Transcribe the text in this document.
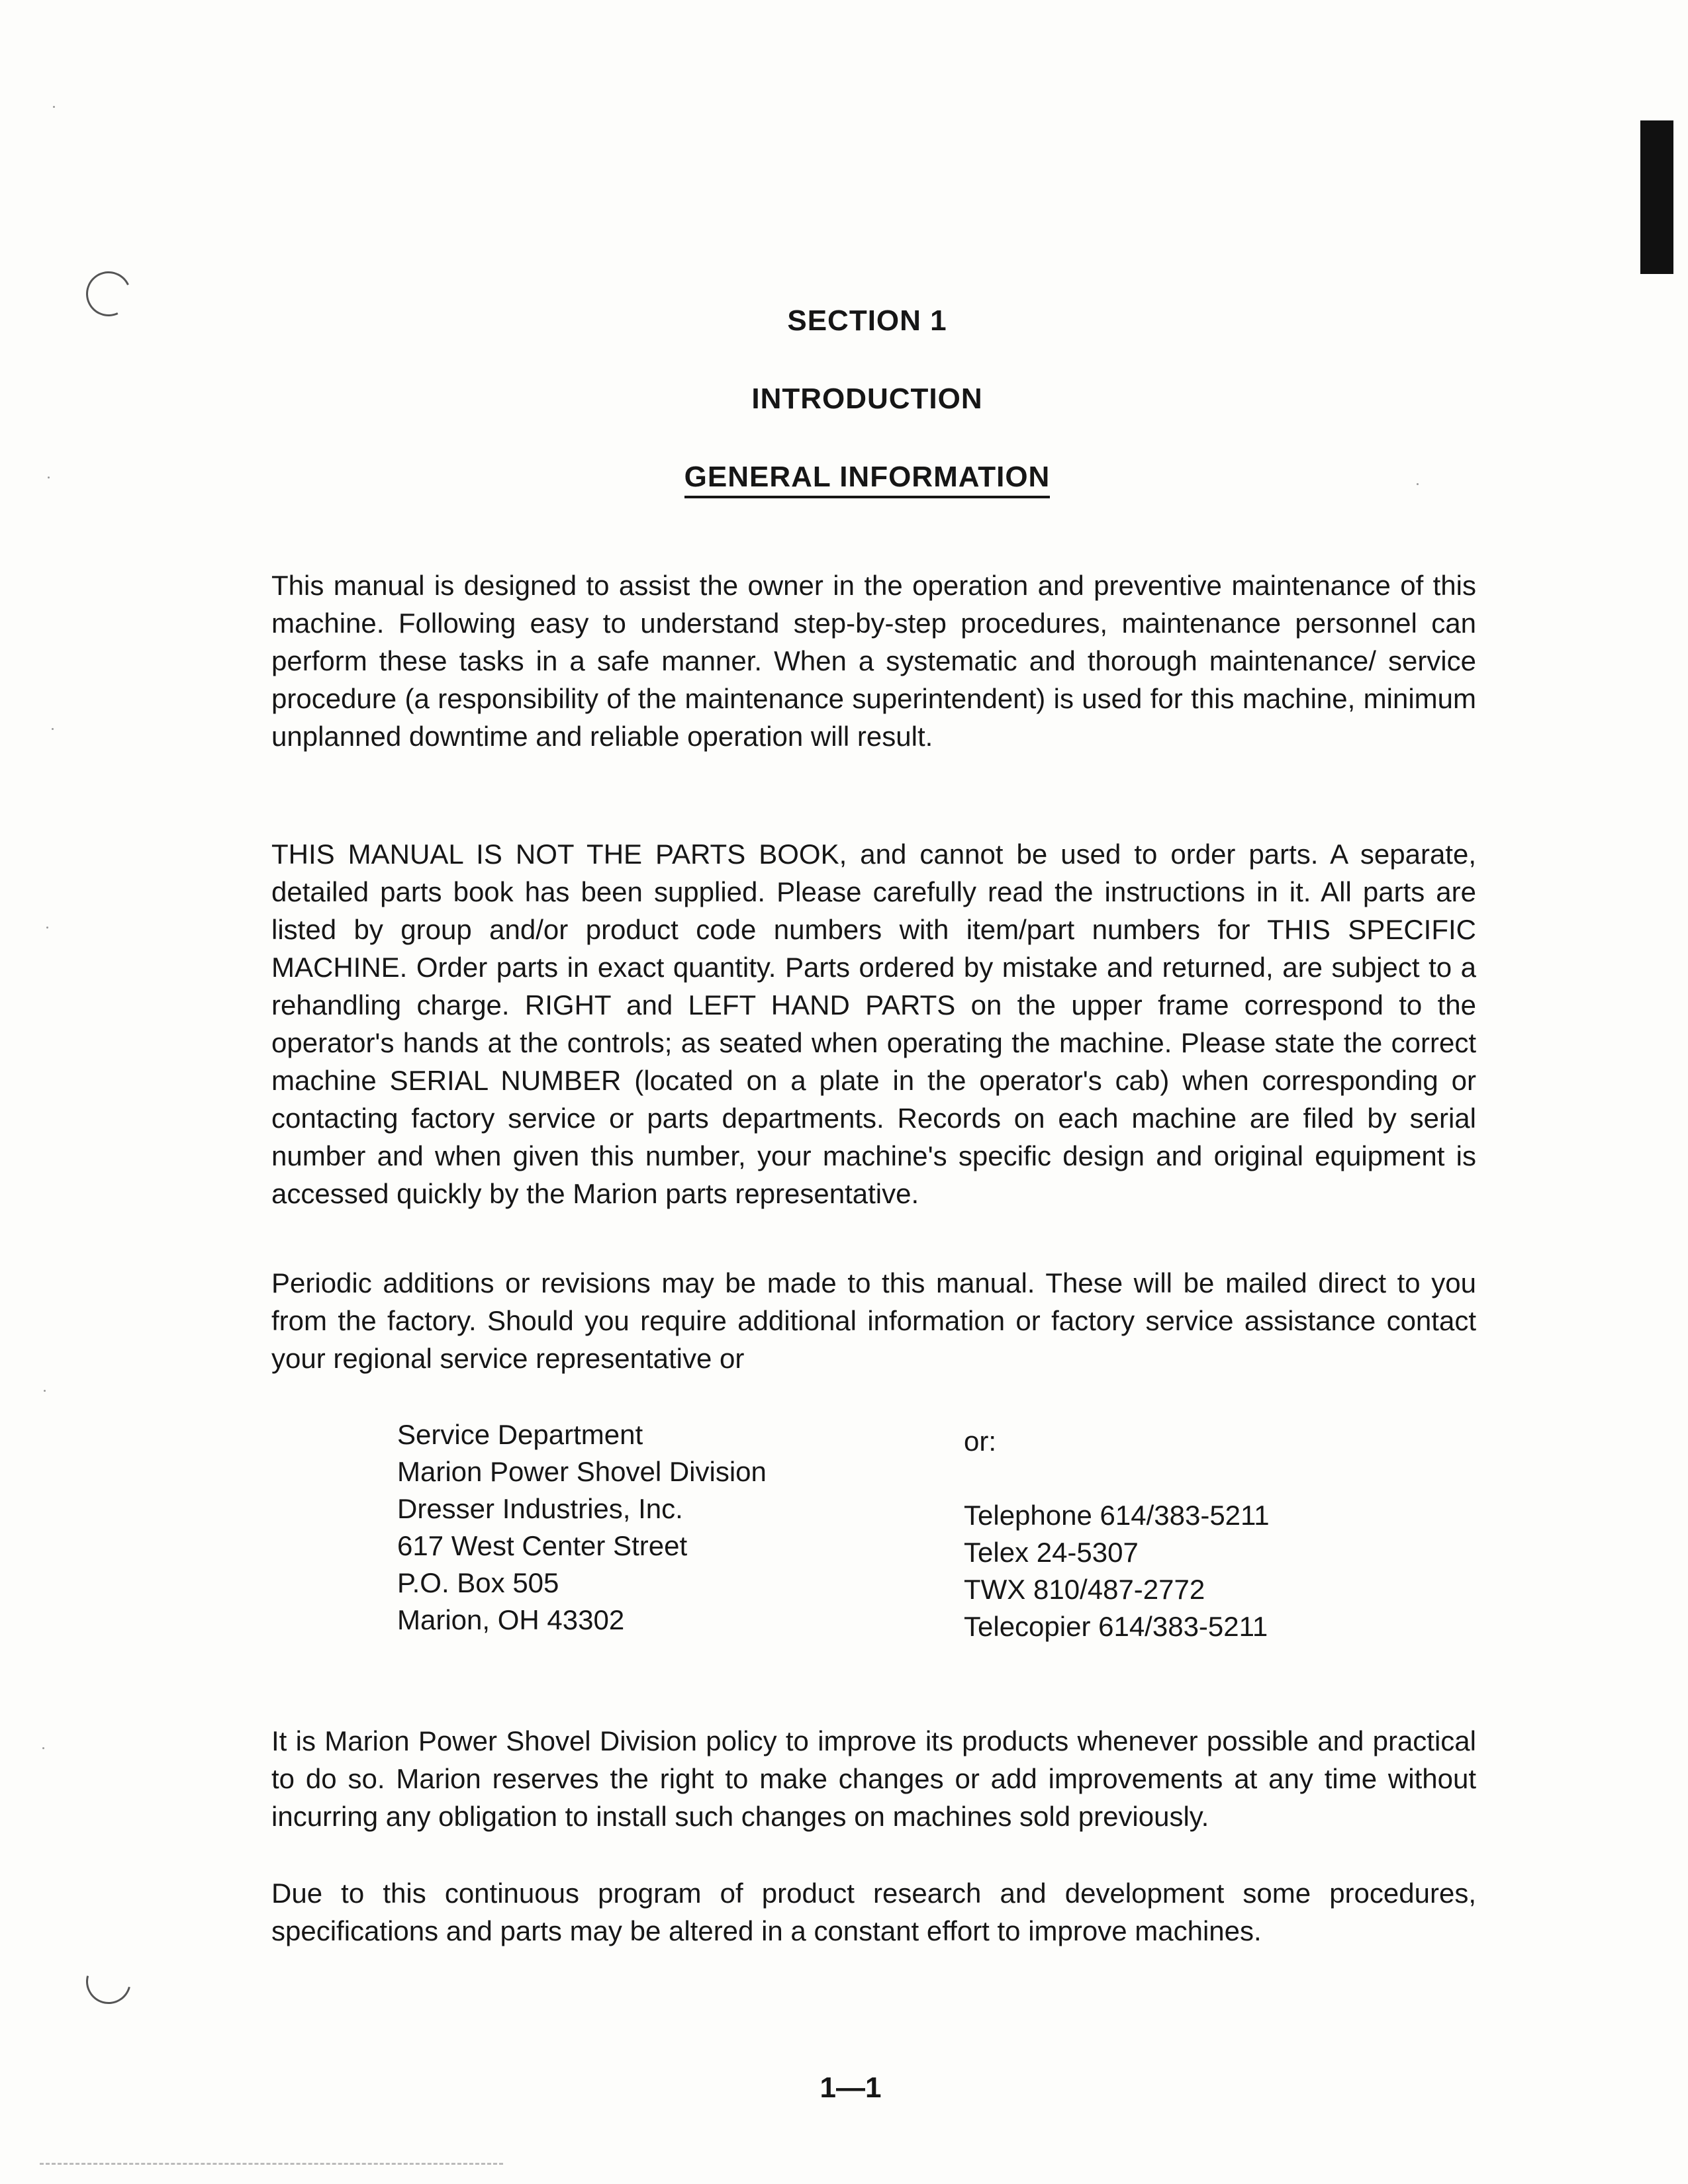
SECTION 1
INTRODUCTION
GENERAL INFORMATION

This manual is designed to assist the owner in the operation and preventive maintenance of this machine. Following easy to understand step-by-step procedures, maintenance personnel can perform these tasks in a safe manner. When a systematic and thorough maintenance/ service procedure (a responsibility of the maintenance superintendent) is used for this machine, minimum unplanned downtime and reliable operation will result.

THIS MANUAL IS NOT THE PARTS BOOK, and cannot be used to order parts. A separate, detailed parts book has been supplied. Please carefully read the instructions in it. All parts are listed by group and/or product code numbers with item/part numbers for THIS SPECIFIC MACHINE. Order parts in exact quantity. Parts ordered by mistake and returned, are subject to a rehandling charge. RIGHT and LEFT HAND PARTS on the upper frame correspond to the operator's hands at the controls; as seated when operating the machine. Please state the correct machine SERIAL NUMBER (located on a plate in the operator's cab) when corresponding or contacting factory service or parts departments. Records on each machine are filed by serial number and when given this number, your machine's specific design and original equipment is accessed quickly by the Marion parts representative.

Periodic additions or revisions may be made to this manual. These will be mailed direct to you from the factory. Should you require additional information or factory service assistance contact your regional service representative or

Service Department
Marion Power Shovel Division
Dresser Industries, Inc.
617 West Center Street
P.O. Box 505
Marion, OH 43302
or:
Telephone 614/383-5211
Telex 24-5307
TWX 810/487-2772
Telecopier 614/383-5211

It is Marion Power Shovel Division policy to improve its products whenever possible and practical to do so. Marion reserves the right to make changes or add improvements at any time without incurring any obligation to install such changes on machines sold previously.

Due to this continuous program of product research and development some procedures, specifications and parts may be altered in a constant effort to improve machines.

1—1
